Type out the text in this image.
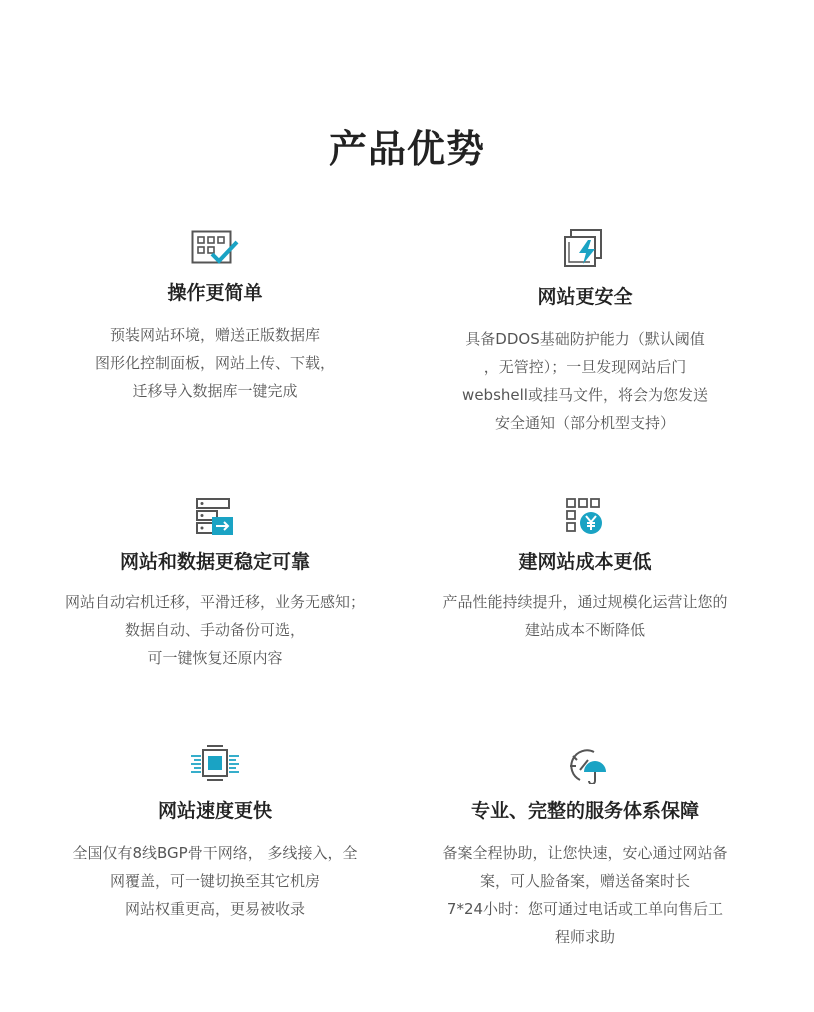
产品优势
操作更简单

预装网站环境，赠送正版数据库

图形化控制面板，网站上传、下载，

迁移导入数据库一键完成

网站更安全

具备DDOS基础防护能力（默认阈值

，无管控）；一旦发现网站后门

webshell或挂马文件，将会为您发送

安全通知（部分机型支持）

网站和数据更稳定可靠

网站自动宕机迁移，平滑迁移，业务无感知；

数据自动、手动备份可选，

可一键恢复还原内容

建网站成本更低

产品性能持续提升，通过规模化运营让您的

建站成本不断降低

网站速度更快

全国仅有8线BGP骨干网络， 多线接入，全

网覆盖，可一键切换至其它机房

网站权重更高，更易被收录

专业、完整的服务体系保障

备案全程协助，让您快速，安心通过网站备

案，可人脸备案，赠送备案时长

7*24小时：您可通过电话或工单向售后工

程师求助
